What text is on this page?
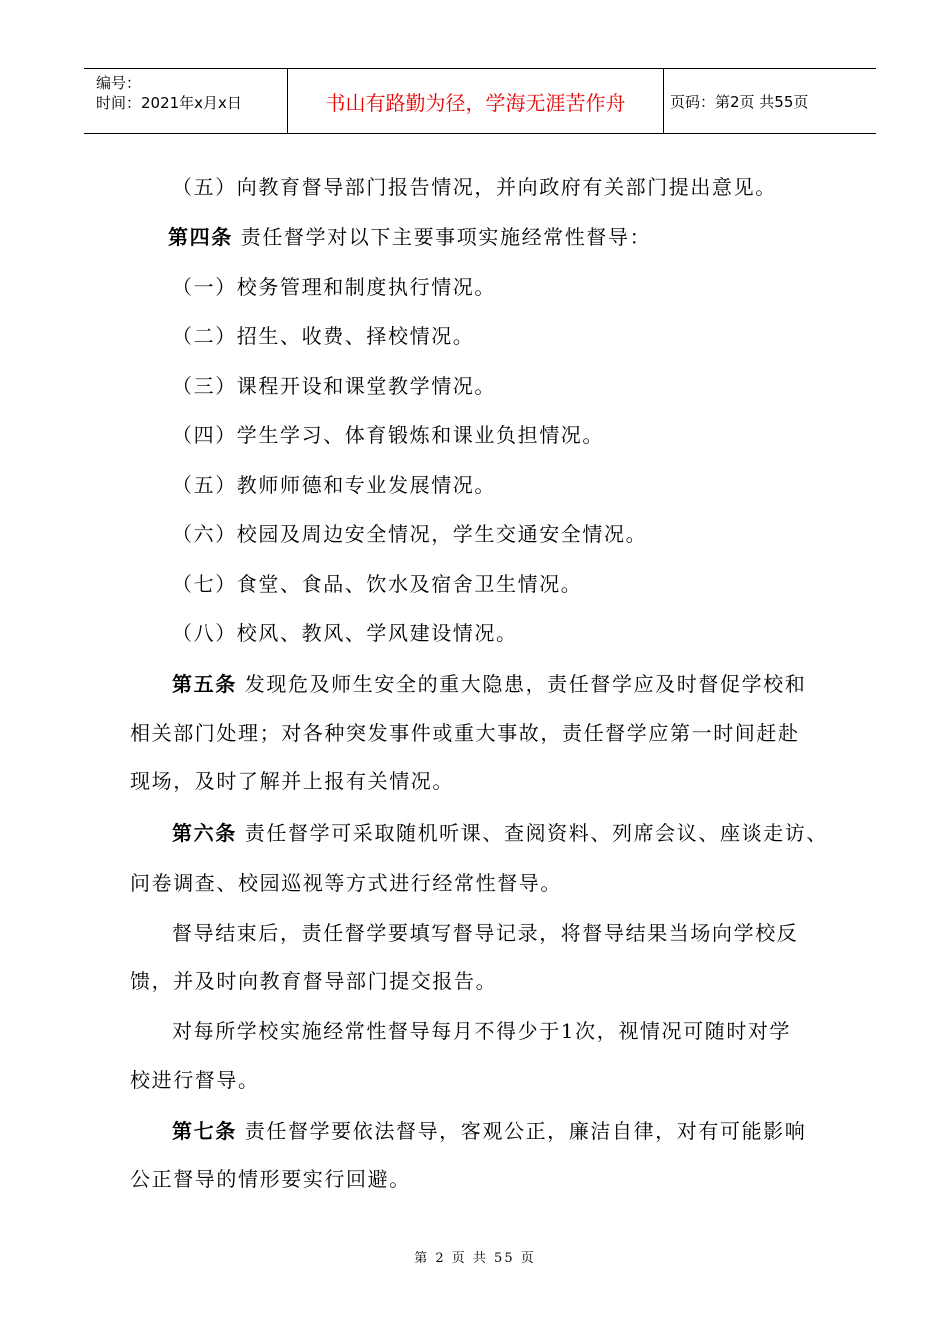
编号：
时间：2021年x月x日	书山有路勤为径，学海无涯苦作舟	页码：第2页 共55页
（五）向教育督导部门报告情况，并向政府有关部门提出意见。
第四条 责任督学对以下主要事项实施经常性督导：
（一）校务管理和制度执行情况。
（二）招生、收费、择校情况。
（三）课程开设和课堂教学情况。
（四）学生学习、体育锻炼和课业负担情况。
（五）教师师德和专业发展情况。
（六）校园及周边安全情况，学生交通安全情况。
（七）食堂、食品、饮水及宿舍卫生情况。
（八）校风、教风、学风建设情况。
第五条 发现危及师生安全的重大隐患，责任督学应及时督促学校和
相关部门处理；对各种突发事件或重大事故，责任督学应第一时间赶赴
现场，及时了解并上报有关情况。
第六条 责任督学可采取随机听课、查阅资料、列席会议、座谈走访、
问卷调查、校园巡视等方式进行经常性督导。
督导结束后，责任督学要填写督导记录，将督导结果当场向学校反
馈，并及时向教育督导部门提交报告。
对每所学校实施经常性督导每月不得少于1次，视情况可随时对学
校进行督导。
第七条 责任督学要依法督导，客观公正，廉洁自律，对有可能影响
公正督导的情形要实行回避。
第 2 页 共 55 页
